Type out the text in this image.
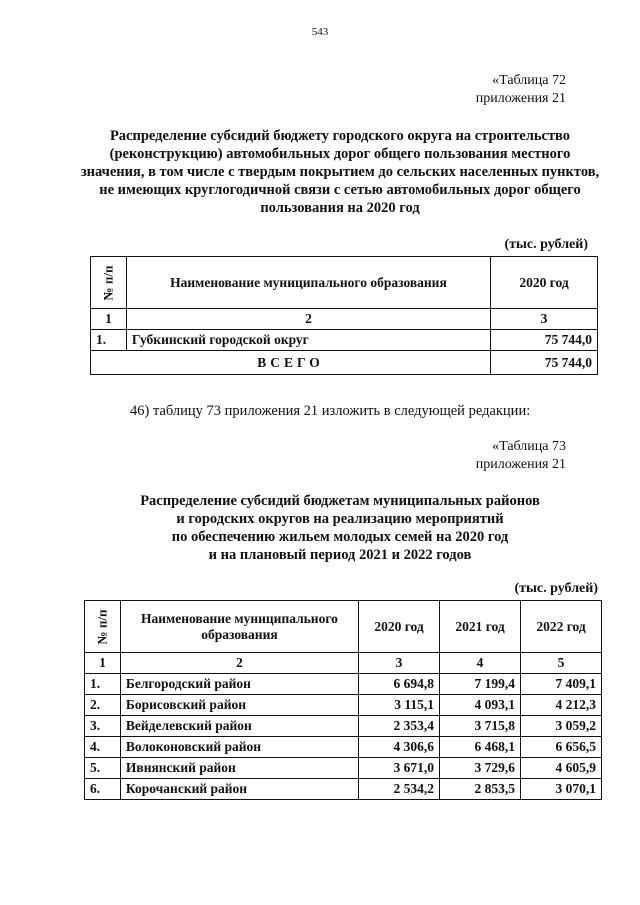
543
«Таблица 72
приложения 21
Распределение субсидий бюджету городского округа на строительство (реконструкцию) автомобильных дорог общего пользования местного значения, в том числе с твердым покрытием до сельских населенных пунктов, не имеющих круглогодичной связи с сетью автомобильных дорог общего пользования на 2020 год
(тыс. рублей)
№ п/п	Наименование муниципального образования	2020 год
1	2	3
1.	Губкинский городской округ	75 744,0
ВСЕГО		75 744,0
46) таблицу 73 приложения 21 изложить в следующей редакции:
«Таблица 73
приложения 21
Распределение субсидий бюджетам муниципальных районов
и городских округов на реализацию мероприятий
по обеспечению жильем молодых семей на 2020 год
и на плановый период 2021 и 2022 годов
(тыс. рублей)
№ п/п	Наименование муниципального образования	2020 год	2021 год	2022 год
1	2	3	4	5
1.	Белгородский район	6 694,8	7 199,4	7 409,1
2.	Борисовский район	3 115,1	4 093,1	4 212,3
3.	Вейделевский район	2 353,4	3 715,8	3 059,2
4.	Волоконовский район	4 306,6	6 468,1	6 656,5
5.	Ивнянский район	3 671,0	3 729,6	4 605,9
6.	Корочанский район	2 534,2	2 853,5	3 070,1
